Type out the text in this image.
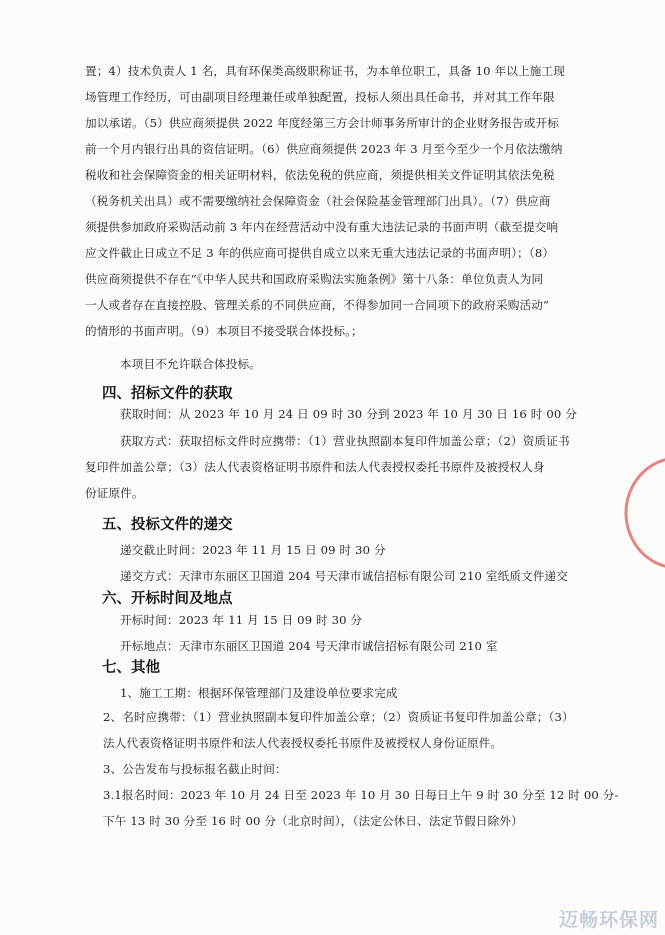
置；4）技术负责人 1 名，具有环保类高级职称证书，为本单位职工，具备 10 年以上施工现
场管理工作经历，可由副项目经理兼任或单独配置，投标人须出具任命书，并对其工作年限
加以承诺。（5）供应商须提供 2022 年度经第三方会计师事务所审计的企业财务报告或开标
前一个月内银行出具的资信证明。（6）供应商须提供 2023 年 3 月至今至少一个月依法缴纳
税收和社会保障资金的相关证明材料，依法免税的供应商，须提供相关文件证明其依法免税
（税务机关出具）或不需要缴纳社会保障资金（社会保险基金管理部门出具）。（7）供应商
须提供参加政府采购活动前 3 年内在经营活动中没有重大违法记录的书面声明（截至提交响
应文件截止日成立不足 3 年的供应商可提供自成立以来无重大违法记录的书面声明）；（8）
供应商须提供不存在“《中华人民共和国政府采购法实施条例》第十八条：单位负责人为同
一人或者存在直接控股、管理关系的不同供应商，不得参加同一合同项下的政府采购活动”
的情形的书面声明。（9）本项目不接受联合体投标。；
本项目不允许联合体投标。
四、招标文件的获取
获取时间：从 2023 年 10 月 24 日 09 时 30 分到 2023 年 10 月 30 日 16 时 00 分
获取方式：获取招标文件时应携带：（1）营业执照副本复印件加盖公章；（2）资质证书
复印件加盖公章；（3）法人代表资格证明书原件和法人代表授权委托书原件及被授权人身
份证原件。
五、投标文件的递交
递交截止时间：2023 年 11 月 15 日 09 时 30 分
递交方式：天津市东丽区卫国道 204 号天津市诚信招标有限公司 210 室纸质文件递交
六、开标时间及地点
开标时间：2023 年 11 月 15 日 09 时 30 分
开标地点：天津市东丽区卫国道 204 号天津市诚信招标有限公司 210 室
七、其他
1、施工工期：根据环保管理部门及建设单位要求完成
2、名时应携带：（1）营业执照副本复印件加盖公章；（2）资质证书复印件加盖公章；（3）
法人代表资格证明书原件和法人代表授权委托书原件及被授权人身份证原件。
3、公告发布与投标报名截止时间：
3.1报名时间：2023 年 10 月 24 日至 2023 年 10 月 30 日每日上午 9 时 30 分至 12 时 00 分-
下午 13 时 30 分至 16 时 00 分（北京时间），（法定公休日、法定节假日除外）
迈畅环保网
